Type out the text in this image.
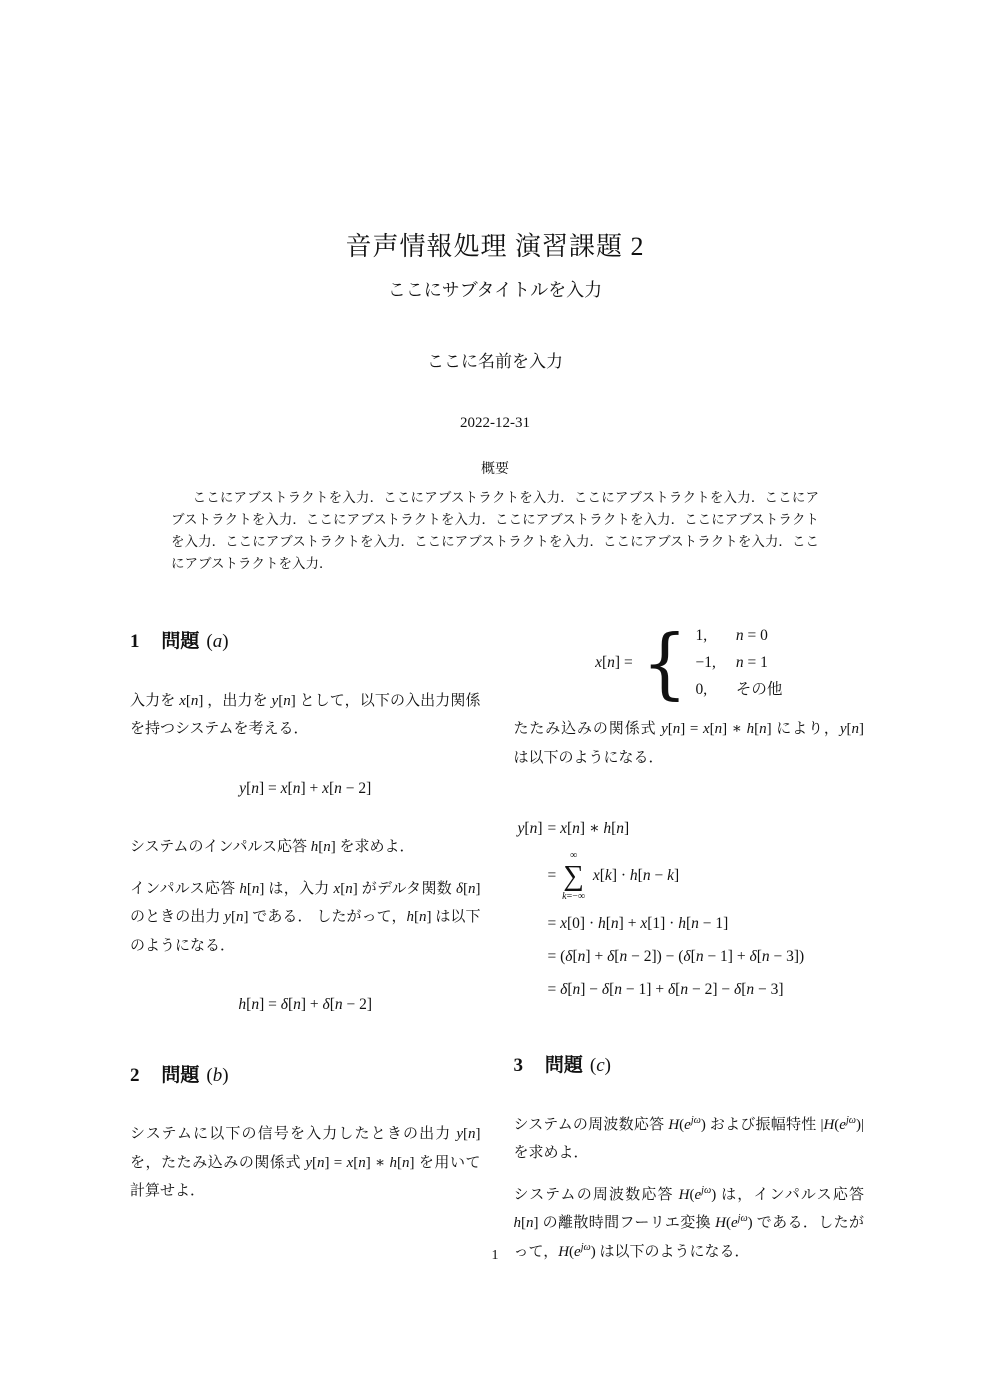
音声情報処理 演習課題 2
ここにサブタイトルを入力
ここに名前を入力
2022-12-31
概要

ここにアブストラクトを入力．ここにアブストラクトを入力．ここにアブストラクトを入力．ここにアブストラクトを入力．ここにアブストラクトを入力．ここにアブストラクトを入力．ここにアブストラクトを入力．ここにアブストラクトを入力．ここにアブストラクトを入力．ここにアブストラクトを入力．ここにアブストラクトを入力．

1 問題 (a)

入力を x[n] ，出力を y[n] として，以下の入出力関係を持つシステムを考える．

y[n] = x[n] + x[n − 2]

システムのインパルス応答 h[n] を求めよ．

インパルス応答 h[n] は，入力 x[n] がデルタ関数 δ[n] のときの出力 y[n] である． したがって，h[n] は以下のようになる．

h[n] = δ[n] + δ[n − 2]
2 問題 (b)

システムに以下の信号を入力したときの出力 y[n] を，たたみ込みの関係式 y[n] = x[n] ∗ h[n] を用いて計算せよ．

x[n] = { 1,	n = 0
−1, n = 1
0,	その他

たたみ込みの関係式 y[n] = x[n] ∗ h[n] により，y[n] は以下のようになる．

y[n]	= x[n] ∗ h[n]
	=
∞
∑
k=−∞
x[k] · h[n − k]
	= x[0] · h[n] + x[1] · h[n − 1]
	= (δ[n] + δ[n − 2]) − (δ[n − 1] + δ[n − 3])
	= δ[n] − δ[n − 1] + δ[n − 2] − δ[n − 3]
3 問題 (c)

システムの周波数応答 $H(e^{j\omega})$ および振幅特性 $|H(e^{j\omega})|$ を求めよ．

システムの周波数応答 $H(e^{j\omega})$ は，インパルス応答 h[n] の離散時間フーリエ変換 $H(e^{j\omega})$ である．したがって，$H(e^{j\omega})$ は以下のようになる．

1
